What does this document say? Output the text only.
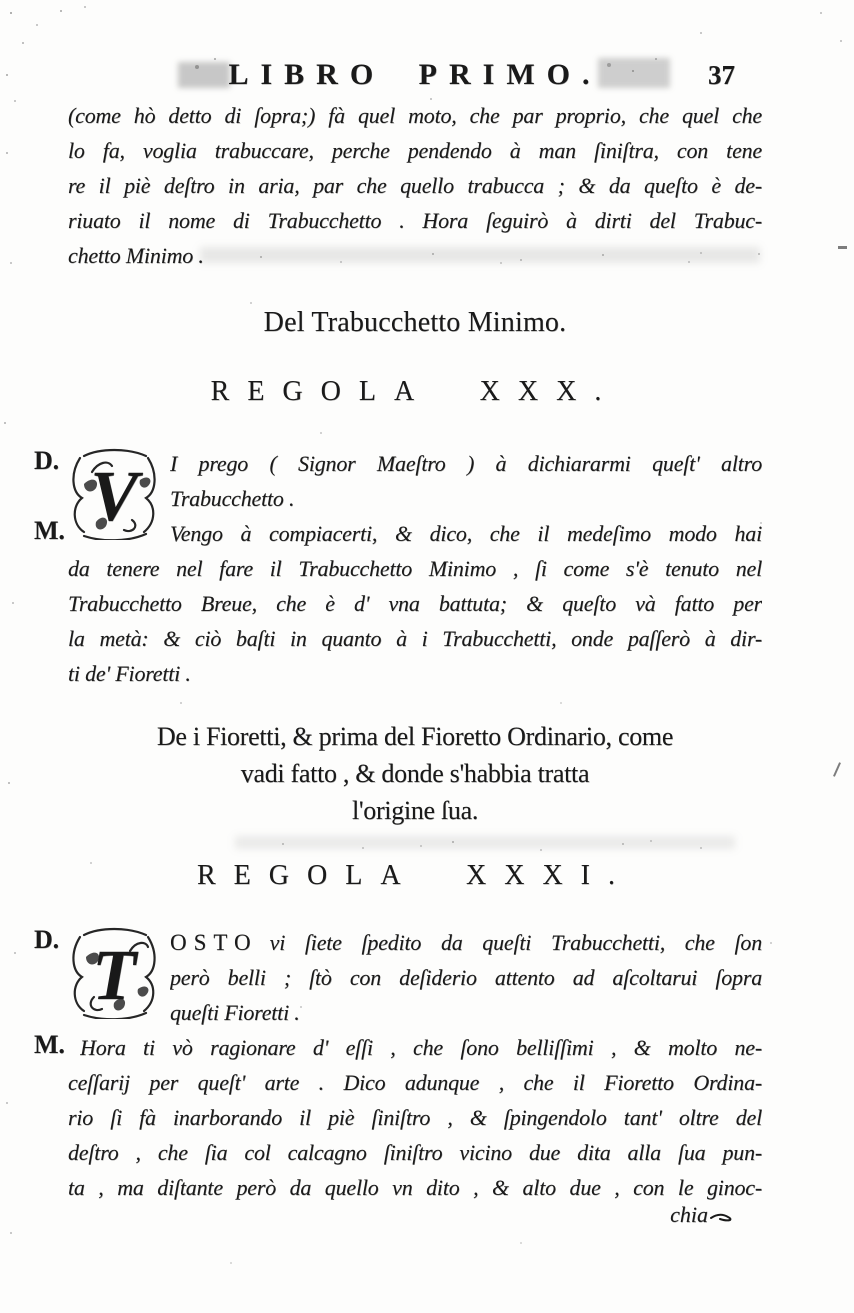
LIBRO PRIMO.	37
(come hò detto di ſopra;) fà quel moto, che par proprio, che quel che
lo fa, voglia trabuccare, perche pendendo à man ſiniſtra, con tene
re il piè deſtro in aria, par che quello trabucca ; & da queſto è de-
riuato il nome di Trabucchetto . Hora ſeguirò à dirti del Trabuc-
chetto Minimo .
Del Trabucchetto Minimo.
REGOLA XXX.
D.
M. V I prego ( Signor Maeſtro ) à dichiararmi queſt' altro
Trabucchetto .
Vengo à compiacerti, & dico, che il medeſimo modo hai
da tenere nel fare il Trabucchetto Minimo , ſi come s'è tenuto nel
Trabucchetto Breue, che è d' vna battuta; & queſto và fatto per
la metà: & ciò baſti in quanto à i Trabucchetti, onde paſſerò à dir-
ti de' Fioretti .
De i Fioretti, & prima del Fioretto Ordinario, come
vadi fatto , & donde s'habbia tratta
l'origine ſua.
REGOLA XXXI.
D.
M.
T OSTO vi ſiete ſpedito da queſti Trabucchetti, che ſon
però belli ; ſtò con deſiderio attento ad aſcoltarui ſopra
queſti Fioretti .
Hora ti vò ragionare d' eſſi , che ſono belliſſimi , & molto ne-
ceſſarij per queſt' arte . Dico adunque , che il Fioretto Ordina-
rio ſi fà inarborando il piè ſiniſtro , & ſpingendolo tant' oltre del
deſtro , che ſia col calcagno ſiniſtro vicino due dita alla ſua pun-
ta , ma diſtante però da quello vn dito , & alto due , con le ginoc-
chia
